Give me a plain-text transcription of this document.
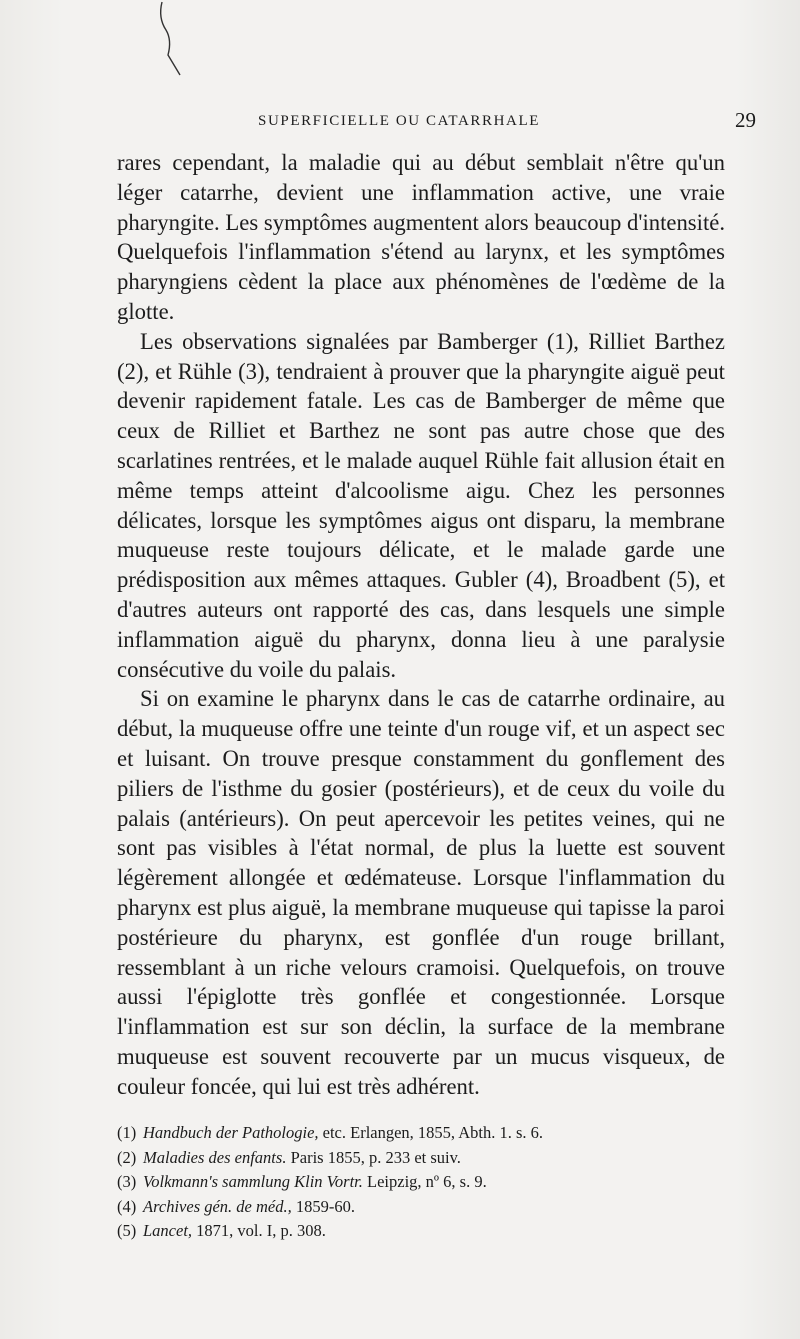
SUPERFICIELLE OU CATARRHALE	29

rares cependant, la maladie qui au début semblait n'être qu'un léger catarrhe, devient une inflammation active, une vraie pharyngite. Les symptômes augmentent alors beaucoup d'intensité. Quelquefois l'inflammation s'étend au larynx, et les symptômes pharyngiens cèdent la place aux phénomènes de l'œdème de la glotte.

Les observations signalées par Bamberger (1), Rilliet Barthez (2), et Rühle (3), tendraient à prouver que la pharyngite aiguë peut devenir rapidement fatale. Les cas de Bamberger de même que ceux de Rilliet et Barthez ne sont pas autre chose que des scarlatines rentrées, et le malade auquel Rühle fait allusion était en même temps atteint d'alcoolisme aigu. Chez les personnes délicates, lorsque les symptômes aigus ont disparu, la membrane muqueuse reste toujours délicate, et le malade garde une prédisposition aux mêmes attaques. Gubler (4), Broadbent (5), et d'autres auteurs ont rapporté des cas, dans lesquels une simple inflammation aiguë du pharynx, donna lieu à une paralysie consécutive du voile du palais.

Si on examine le pharynx dans le cas de catarrhe ordinaire, au début, la muqueuse offre une teinte d'un rouge vif, et un aspect sec et luisant. On trouve presque constamment du gonflement des piliers de l'isthme du gosier (postérieurs), et de ceux du voile du palais (antérieurs). On peut apercevoir les petites veines, qui ne sont pas visibles à l'état normal, de plus la luette est souvent légèrement allongée et œdémateuse. Lorsque l'inflammation du pharynx est plus aiguë, la membrane muqueuse qui tapisse la paroi postérieure du pharynx, est gonflée d'un rouge brillant, ressemblant à un riche velours cramoisi. Quelquefois, on trouve aussi l'épiglotte très gonflée et congestionnée. Lorsque l'inflammation est sur son déclin, la surface de la membrane muqueuse est souvent recouverte par un mucus visqueux, de couleur foncée, qui lui est très adhérent.

(1) Handbuch der Pathologie, etc. Erlangen, 1855, Abth. 1. s. 6.

(2) Maladies des enfants. Paris 1855, p. 233 et suiv.

(3) Volkmann's sammlung Klin Vortr. Leipzig, nº 6, s. 9.

(4) Archives gén. de méd., 1859-60.

(5) Lancet, 1871, vol. I, p. 308.
